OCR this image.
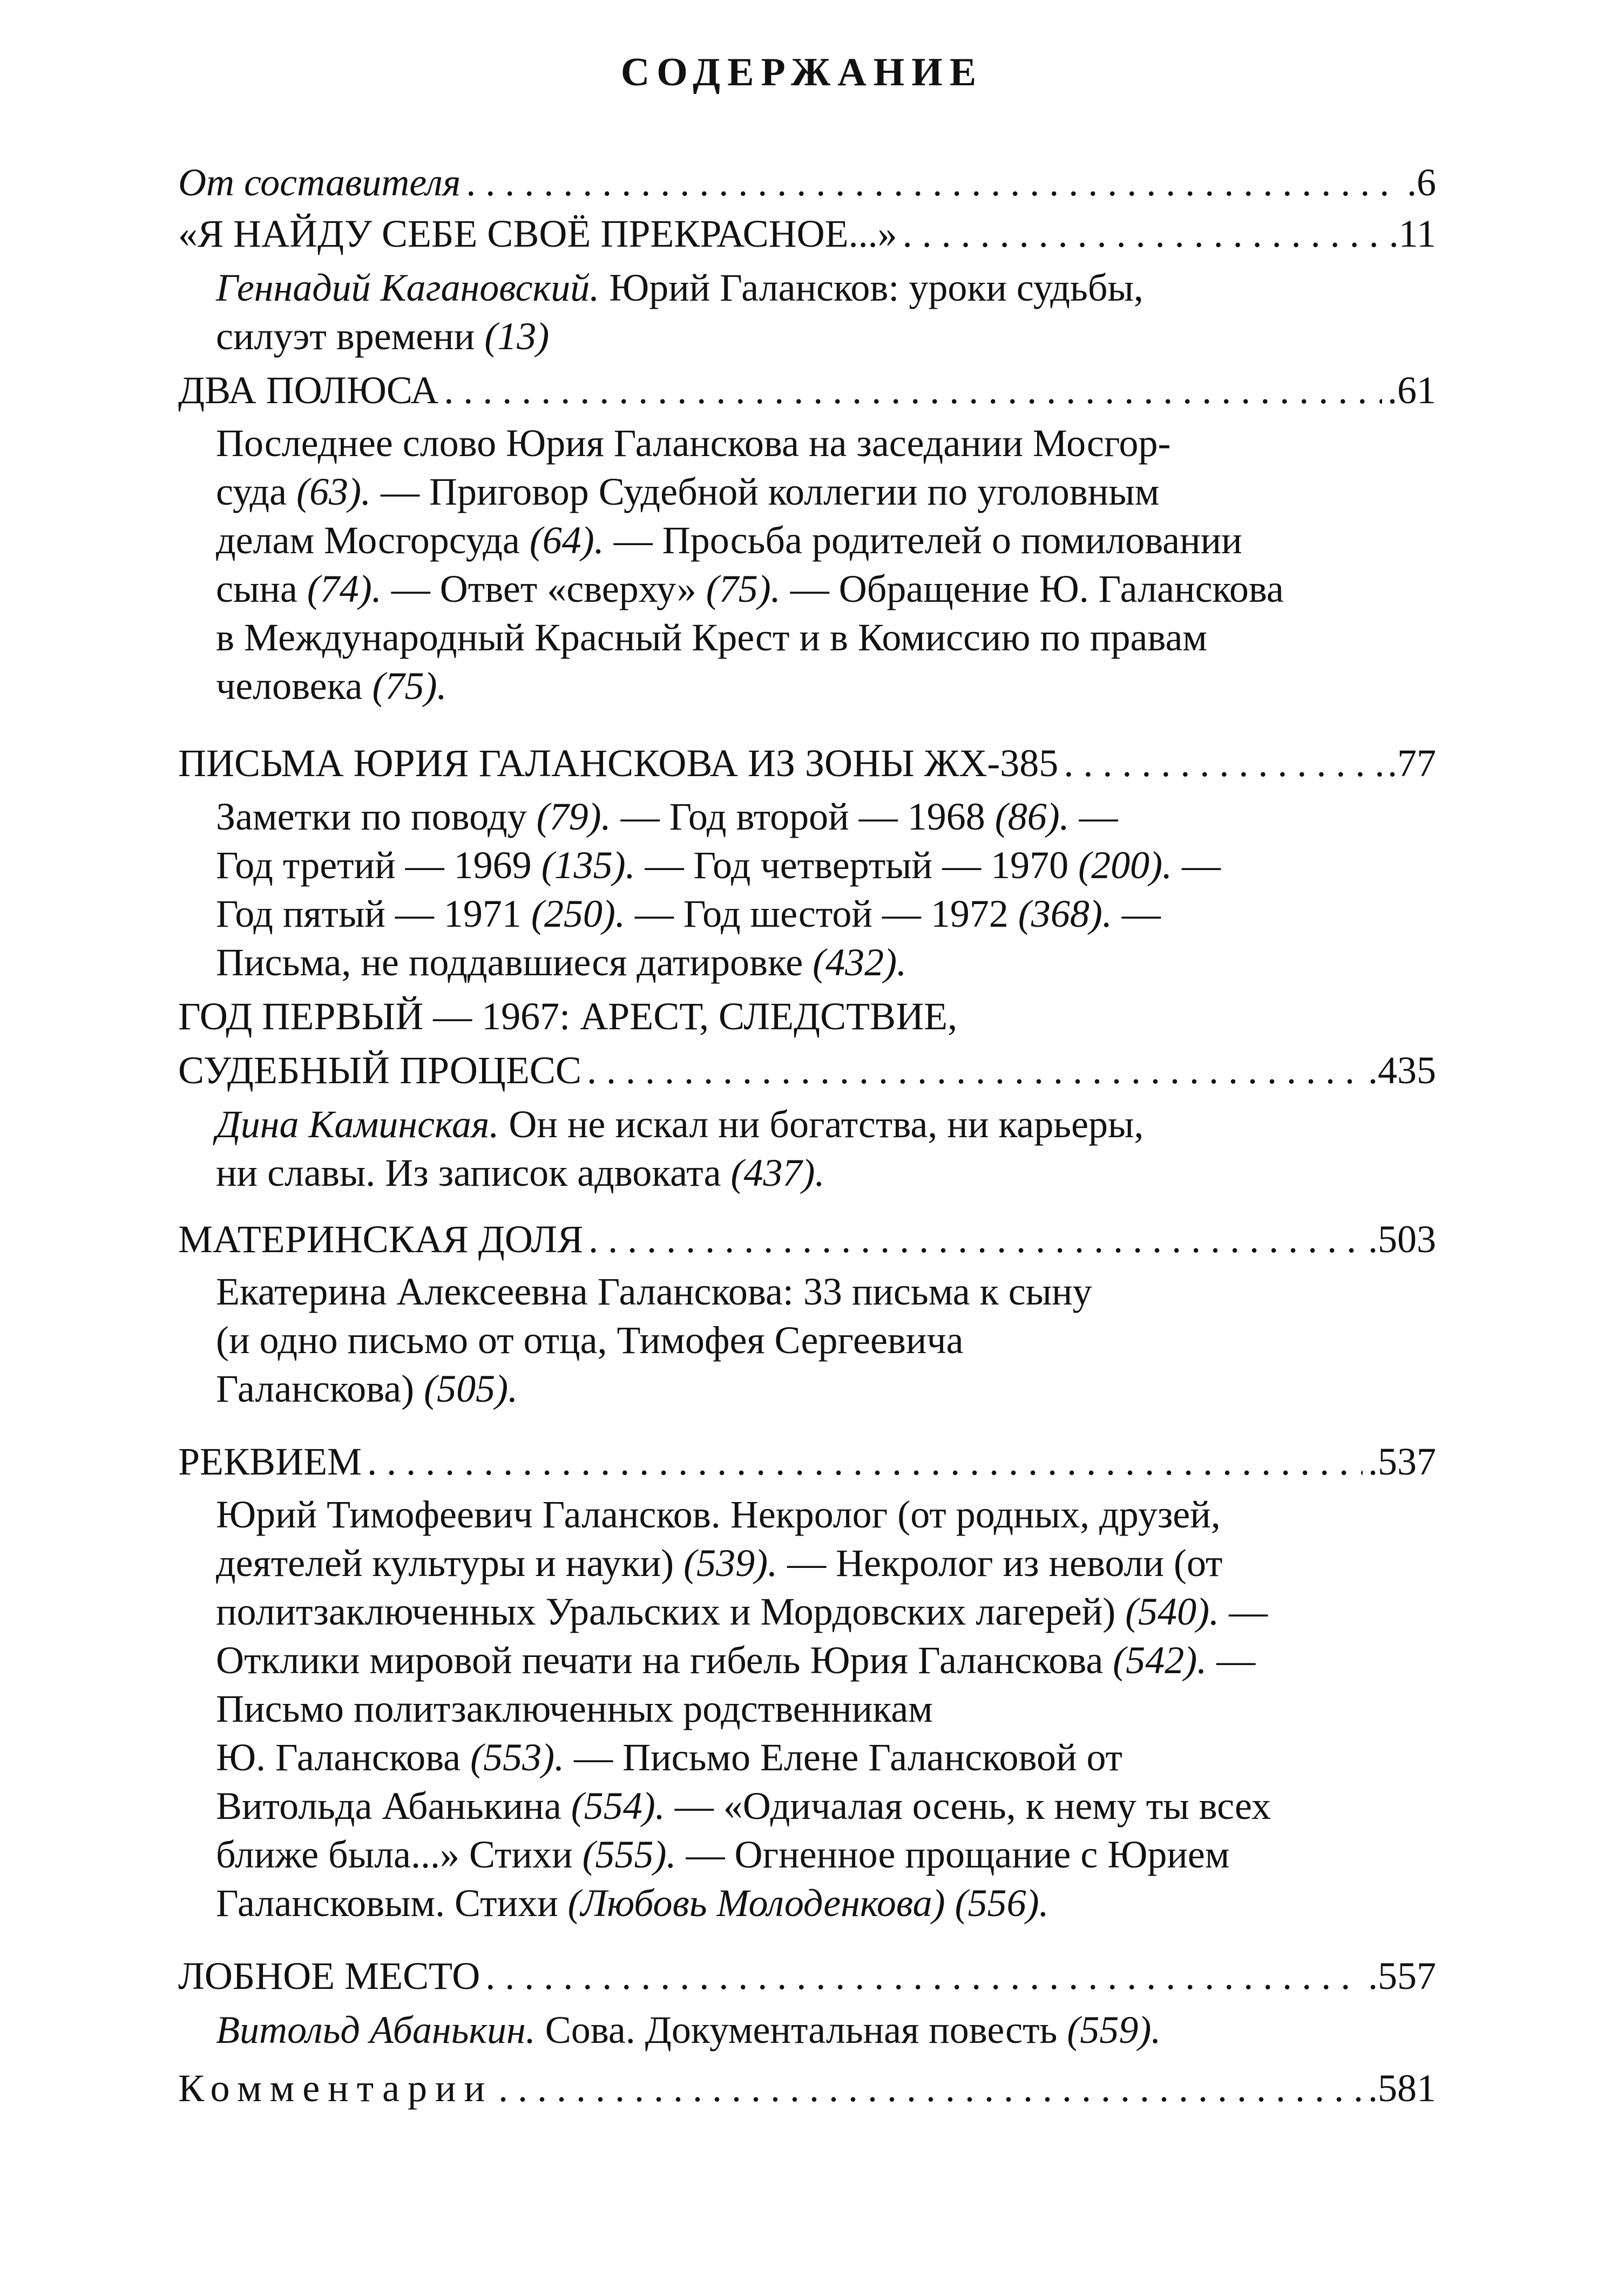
СОДЕРЖАНИЕ
От составителя . . .	.6
«Я НАЙДУ СЕБЕ СВОЁ ПРЕКРАСНОЕ...» . . .	.11
Геннадий Кагановский. Юрий Галансков: уроки судьбы,
силуэт времени (13)
ДВА ПОЛЮСА . . .	.61
Последнее слово Юрия Галанскова на заседании Мосгор-
суда (63). — Приговор Судебной коллегии по уголовным
делам Мосгорсуда (64). — Просьба родителей о помиловании
сына (74). — Ответ «сверху» (75). — Обращение Ю. Галанскова
в Международный Красный Крест и в Комиссию по правам
человека (75).
ПИСЬМА ЮРИЯ ГАЛАНСКОВА ИЗ ЗОНЫ ЖХ-385 . . .	.77
Заметки по поводу (79). — Год второй — 1968 (86). —
Год третий — 1969 (135). — Год четвертый — 1970 (200). —
Год пятый — 1971 (250). — Год шестой — 1972 (368). —
Письма, не поддавшиеся датировке (432).
ГОД ПЕРВЫЙ — 1967: АРЕСТ, СЛЕДСТВИЕ,
СУДЕБНЫЙ ПРОЦЕСС . . .	.435
Дина Каминская. Он не искал ни богатства, ни карьеры,
ни славы. Из записок адвоката (437).
МАТЕРИНСКАЯ ДОЛЯ . . .	.503
Екатерина Алексеевна Галанскова: 33 письма к сыну
(и одно письмо от отца, Тимофея Сергеевича
Галанскова) (505).
РЕКВИЕМ . . .	.537
Юрий Тимофеевич Галансков. Некролог (от родных, друзей,
деятелей культуры и науки) (539). — Некролог из неволи (от
политзаключенных Уральских и Мордовских лагерей) (540). —
Отклики мировой печати на гибель Юрия Галанскова (542). —
Письмо политзаключенных родственникам
Ю. Галанскова (553). — Письмо Елене Галансковой от
Витольда Абанькина (554). — «Одичалая осень, к нему ты всех
ближе была...» Стихи (555). — Огненное прощание с Юрием
Галансковым. Стихи (Любовь Молоденкова) (556).
ЛОБНОЕ МЕСТО . . .	.557
Витольд Абанькин. Сова. Документальная повесть (559).
Комментарии . . .	.581
